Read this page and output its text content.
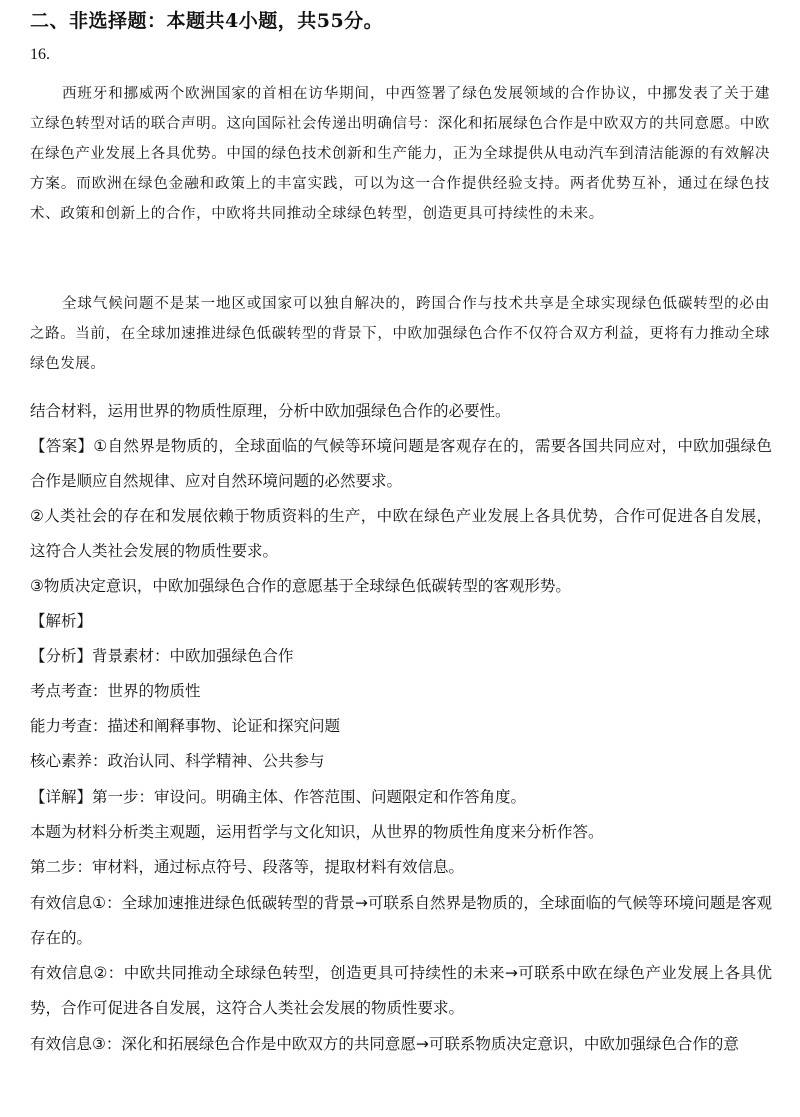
二、非选择题：本题共4小题，共55分。
16.

西班牙和挪威两个欧洲国家的首相在访华期间，中西签署了绿色发展领域的合作协议，中挪发表了关于建立绿色转型对话的联合声明。这向国际社会传递出明确信号：深化和拓展绿色合作是中欧双方的共同意愿。中欧在绿色产业发展上各具优势。中国的绿色技术创新和生产能力，正为全球提供从电动汽车到清洁能源的有效解决方案。而欧洲在绿色金融和政策上的丰富实践，可以为这一合作提供经验支持。两者优势互补，通过在绿色技术、政策和创新上的合作，中欧将共同推动全球绿色转型，创造更具可持续性的未来。

全球气候问题不是某一地区或国家可以独自解决的，跨国合作与技术共享是全球实现绿色低碳转型的必由之路。当前，在全球加速推进绿色低碳转型的背景下，中欧加强绿色合作不仅符合双方利益，更将有力推动全球绿色发展。

结合材料，运用世界的物质性原理，分析中欧加强绿色合作的必要性。

【答案】①自然界是物质的，全球面临的气候等环境问题是客观存在的，需要各国共同应对，中欧加强绿色合作是顺应自然规律、应对自然环境问题的必然要求。

②人类社会的存在和发展依赖于物质资料的生产，中欧在绿色产业发展上各具优势，合作可促进各自发展，这符合人类社会发展的物质性要求。

③物质决定意识，中欧加强绿色合作的意愿基于全球绿色低碳转型的客观形势。

【解析】

【分析】背景素材：中欧加强绿色合作

考点考查：世界的物质性

能力考查：描述和阐释事物、论证和探究问题

核心素养：政治认同、科学精神、公共参与

【详解】第一步：审设问。明确主体、作答范围、问题限定和作答角度。

本题为材料分析类主观题，运用哲学与文化知识，从世界的物质性角度来分析作答。

第二步：审材料，通过标点符号、段落等，提取材料有效信息。

有效信息①：全球加速推进绿色低碳转型的背景→可联系自然界是物质的，全球面临的气候等环境问题是客观存在的。

有效信息②：中欧共同推动全球绿色转型，创造更具可持续性的未来→可联系中欧在绿色产业发展上各具优势，合作可促进各自发展，这符合人类社会发展的物质性要求。

有效信息③：深化和拓展绿色合作是中欧双方的共同意愿→可联系物质决定意识，中欧加强绿色合作的意
